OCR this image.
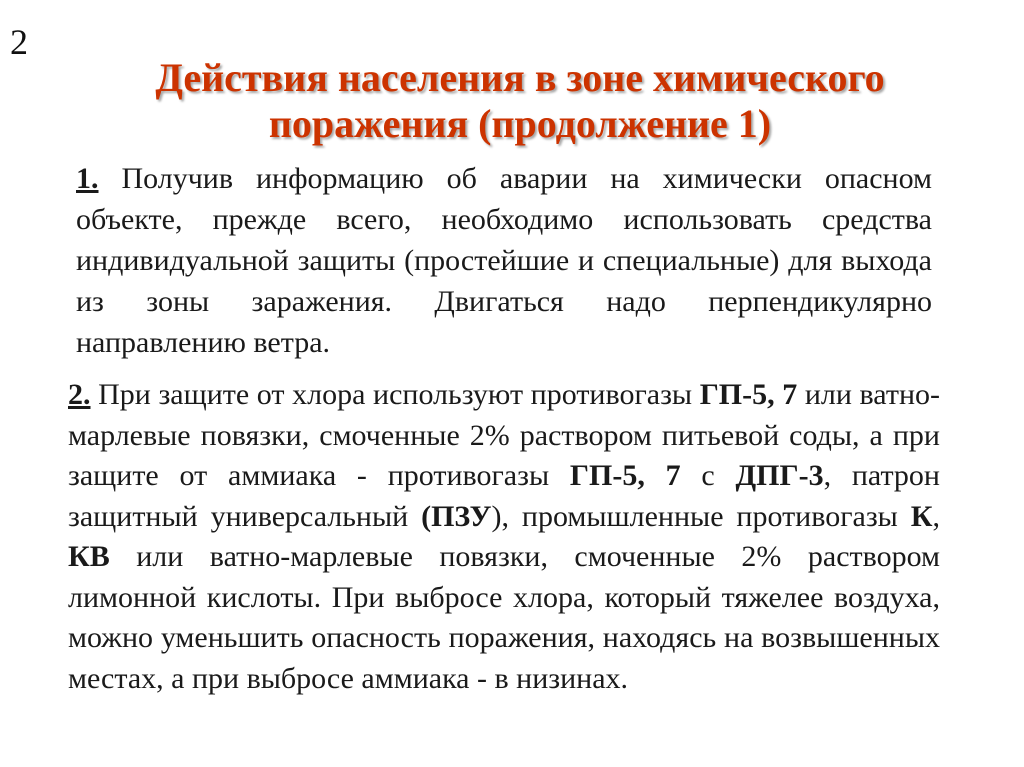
2
Действия населения в зоне химического поражения (продолжение 1)

1. Получив информацию об аварии на химически опасном объекте, прежде всего, необходимо использовать средства индивидуальной защиты (простейшие и специальные) для выхода из зоны заражения. Двигаться надо перпендикулярно направлению ветра.

2. При защите от хлора используют противогазы ГП-5, 7 или ватно-марлевые повязки, смоченные 2% раствором питьевой соды, а при защите от аммиака - противогазы ГП-5, 7 с ДПГ-3, патрон защитный универсальный (ПЗУ), промышленные противогазы К, КВ или ватно-марлевые повязки, смоченные 2% раствором лимонной кислоты. При выбросе хлора, который тяжелее воздуха, можно уменьшить опасность поражения, находясь на возвышенных местах, а при выбросе аммиака - в низинах.
